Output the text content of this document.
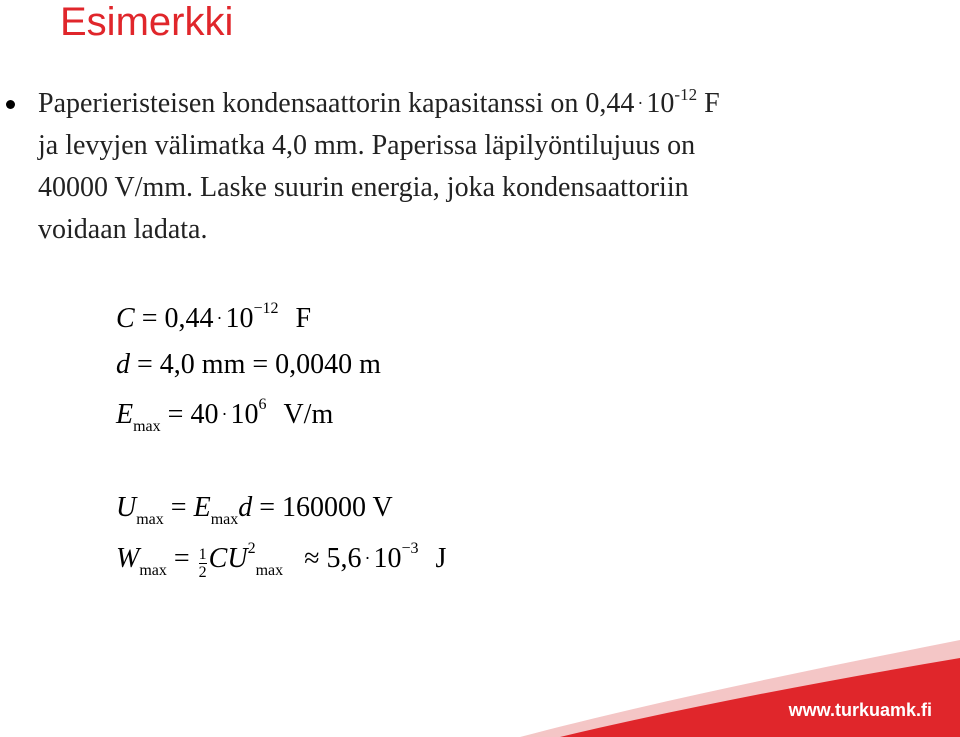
Esimerkki
Paperieristeisen kondensaattorin kapasitanssi on $0,44 \cdot 10^{-12}$ F
ja levyjen välimatka 4,0 mm. Paperissa läpilyöntilujuus on
40000 V/mm. Laske suurin energia, joka kondensaattoriin
voidaan ladata.
$C = 0,44 \cdot 10^{-12}$ F
d = 4,0 mm = 0,0040 m
$E_{max} = 40 \cdot 10^6$ V/m
$U_{max} = E_{max}d = 160000$ V
$W_{max} = \frac{1}{2} CU^2_{max} \approx 5,6 \cdot 10^{-3}$ J
www.turkuamk.fi
